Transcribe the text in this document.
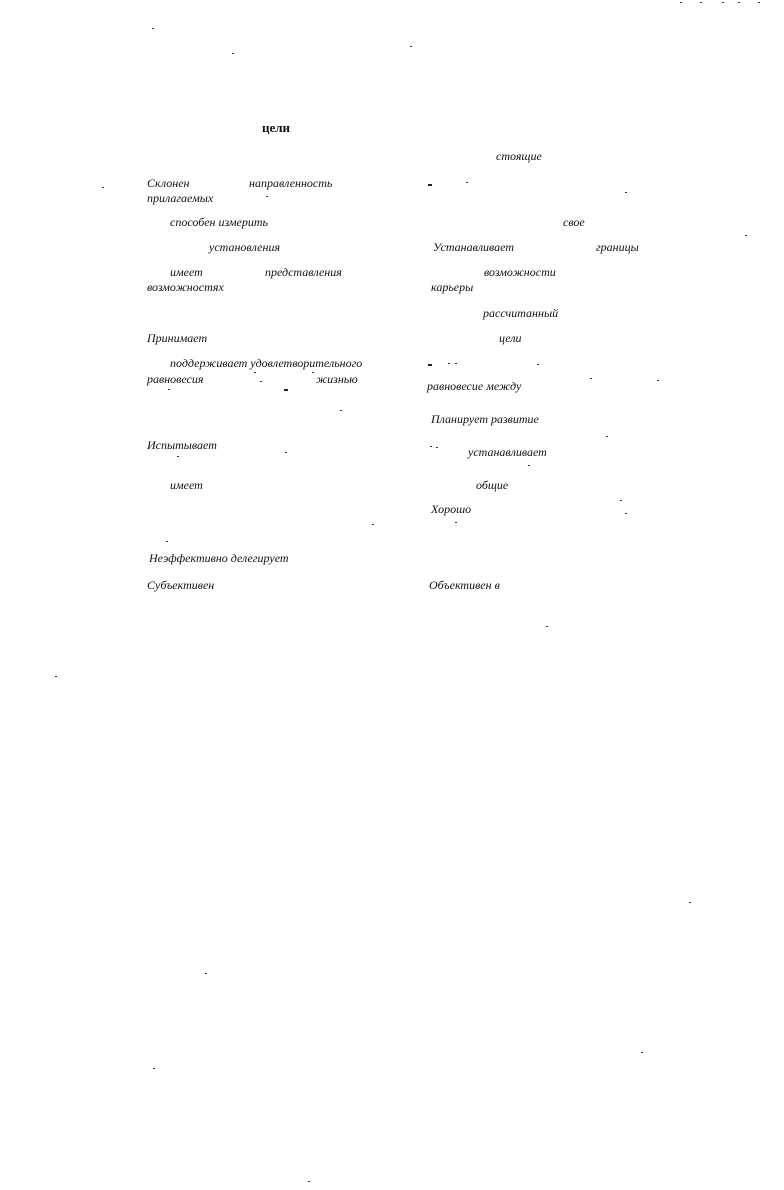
цели
стоящие
Склонен	направленность
прилагаемых
способен измерить	свое
установления	Устанавливает	границы
имеет	представления	возможности
возможностях	карьеры
рассчитанный
Принимает	цели
поддерживает удовлетворительного
равновесия	жизнью	равновесие между
Планирует развитие
Испытывает	устанавливает
имеет	общие
Хорошо
Неэффективно делегирует
Субъективен	Объективен в
